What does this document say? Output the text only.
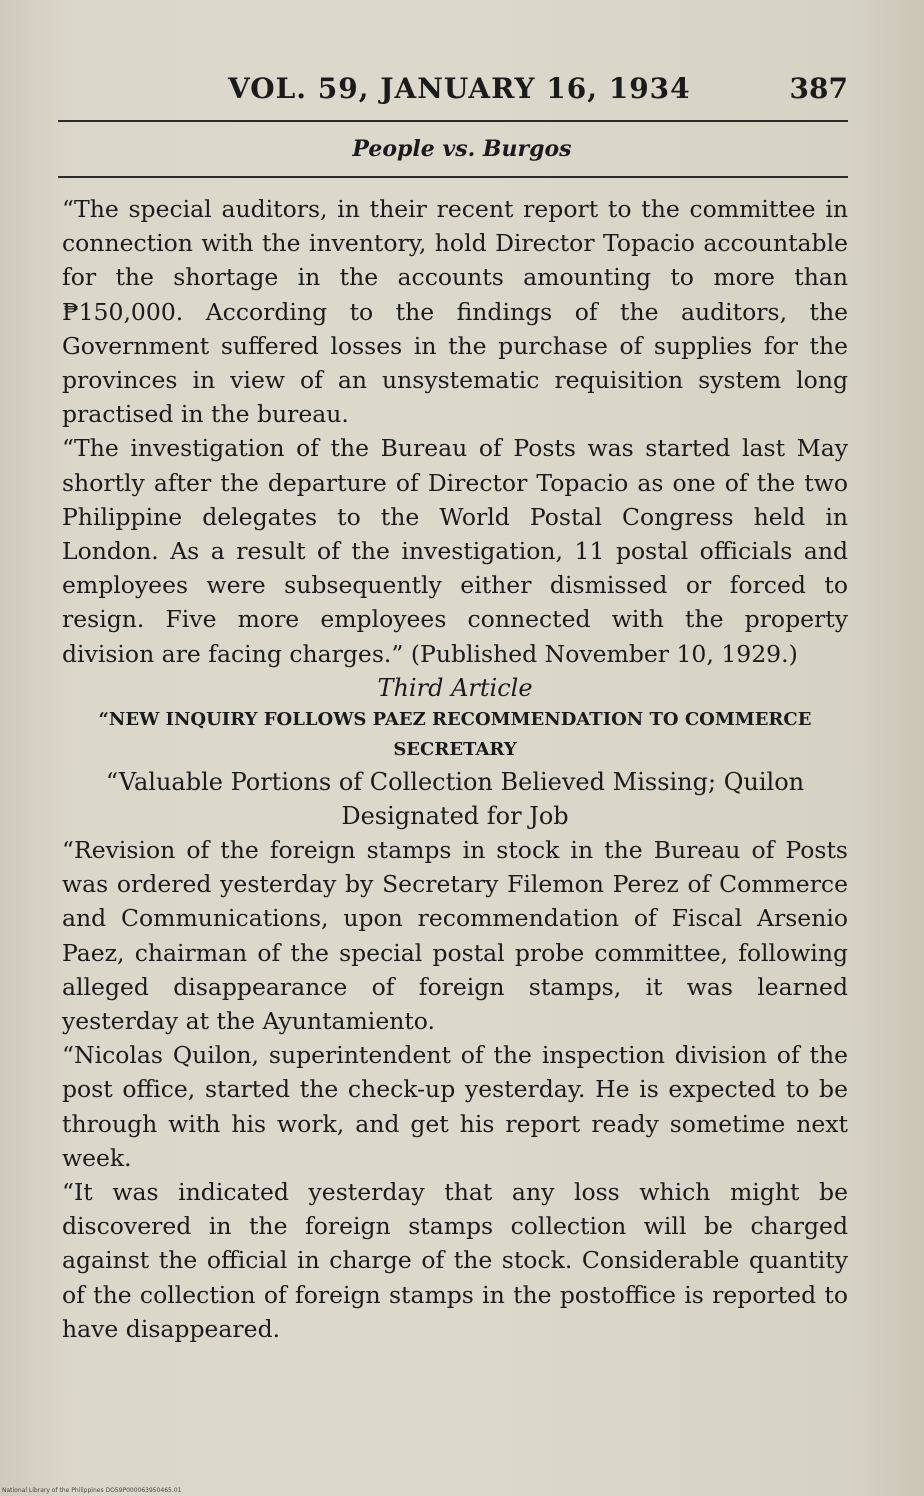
VOL. 59, JANUARY 16, 1934	387
People vs. Burgos

“The special auditors, in their recent report to the committee in connection with the inventory, hold Director Topacio accountable for the shortage in the accounts amounting to more than ₱150,000. According to the findings of the auditors, the Government suffered losses in the purchase of supplies for the provinces in view of an unsystematic requisition system long practised in the bureau.

“The investigation of the Bureau of Posts was started last May shortly after the departure of Director Topacio as one of the two Philippine delegates to the World Postal Congress held in London. As a result of the investigation, 11 postal officials and employees were subsequently either dismissed or forced to resign. Five more employees connected with the property division are facing charges.” (Published November 10, 1929.)

Third Article

“NEW INQUIRY FOLLOWS PAEZ RECOMMENDATION TO COMMERCE SECRETARY

“Valuable Portions of Collection Believed Missing; Quilon Designated for Job

“Revision of the foreign stamps in stock in the Bureau of Posts was ordered yesterday by Secretary Filemon Perez of Commerce and Communications, upon recommendation of Fiscal Arsenio Paez, chairman of the special postal probe committee, following alleged disappearance of foreign stamps, it was learned yesterday at the Ayuntamiento.

“Nicolas Quilon, superintendent of the inspection division of the post office, started the check-up yesterday. He is expected to be through with his work, and get his report ready sometime next week.

“It was indicated yesterday that any loss which might be discovered in the foreign stamps collection will be charged against the official in charge of the stock. Considerable quantity of the collection of foreign stamps in the postoffice is reported to have disappeared.

National Library of the Philippines DO59P000063950465.01
